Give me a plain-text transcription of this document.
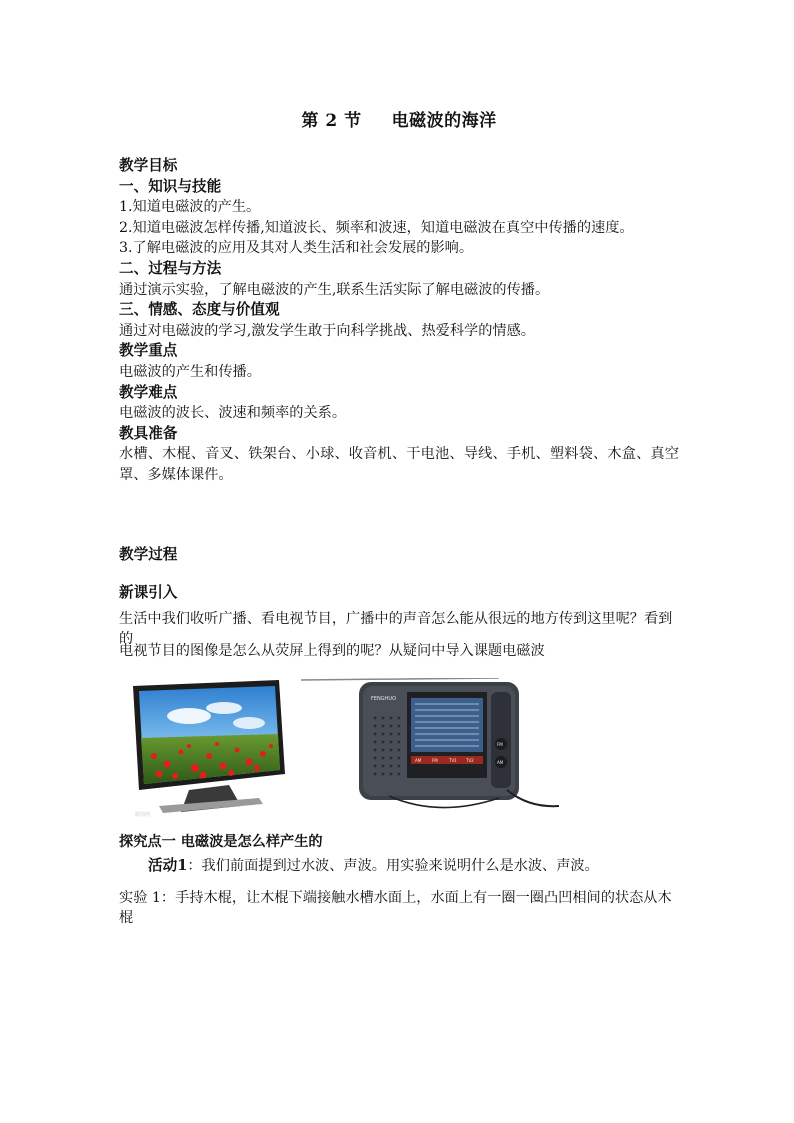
第 2 节 电磁波的海洋
教学目标
一、知识与技能
1.知道电磁波的产生。
2.知道电磁波怎样传播,知道波长、频率和波速，知道电磁波在真空中传播的速度。
3.了解电磁波的应用及其对人类生活和社会发展的影响。
二、过程与方法
通过演示实验，了解电磁波的产生,联系生活实际了解电磁波的传播。
三、情感、态度与价值观
通过对电磁波的学习,激发学生敢于向科学挑战、热爱科学的情感。
教学重点
电磁波的产生和传播。
教学难点
电磁波的波长、波速和频率的关系。
教具准备
水槽、木棍、音叉、铁架台、小球、收音机、干电池、导线、手机、塑料袋、木盒、真空罩、多媒体课件。
教学过程
新课引入
生活中我们收听广播、看电视节目，广播中的声音怎么能从很远的地方传到这里呢？看到的
电视节目的图像是怎么从荧屏上得到的呢？从疑问中导入课题电磁波
昵图网
FENGHUO
AM	FM	TV1 TV2
FM
AM
探究点一 电磁波是怎么样产生的
活动1：我们前面提到过水波、声波。用实验来说明什么是水波、声波。
实验 1：手持木棍，让木棍下端接触水槽水面上，水面上有一圈一圈凸凹相间的状态从木棍
